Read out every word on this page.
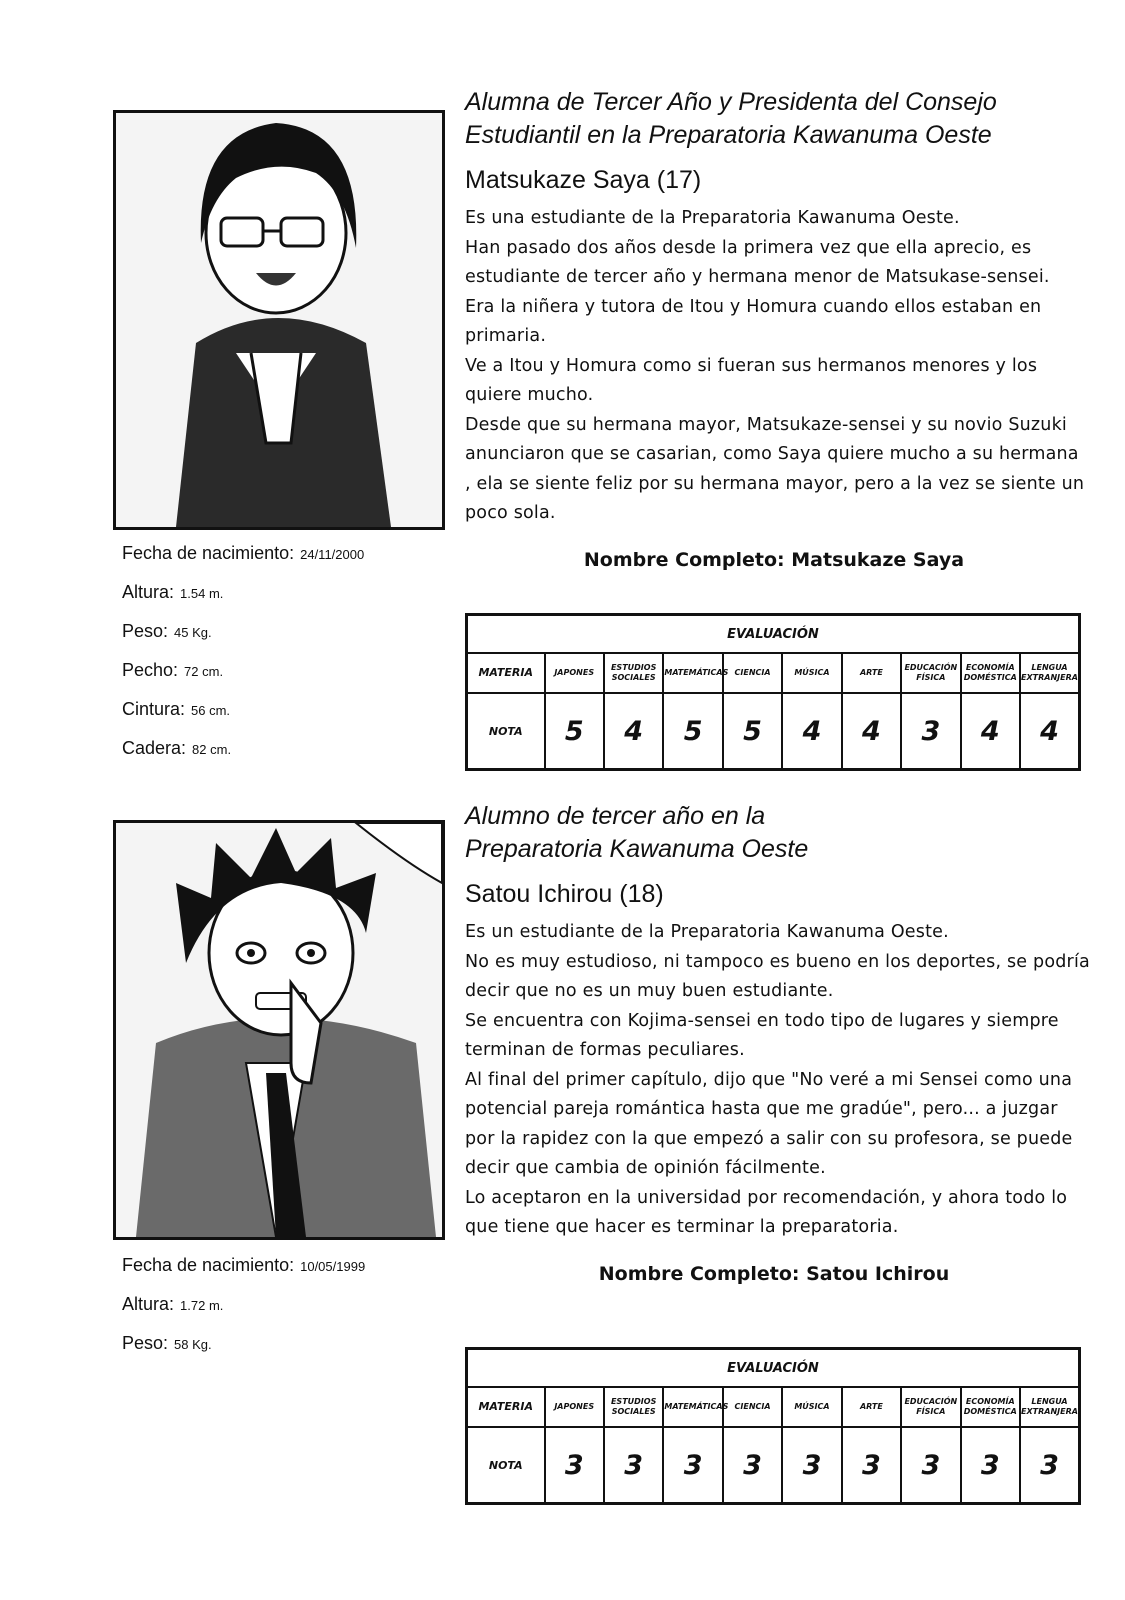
Alumna de Tercer Año y Presidenta del Consejo
Estudiantil en la Preparatoria Kawanuma Oeste

Matsukaze Saya (17)

Es una estudiante de la Preparatoria Kawanuma Oeste.

Han pasado dos años desde la primera vez que ella aprecio, es estudiante de tercer año y hermana menor de Matsukase-sensei.

Era la niñera y tutora de Itou y Homura cuando ellos estaban en primaria.

Ve a Itou y Homura como si fueran sus hermanos menores y los quiere mucho.

Desde que su hermana mayor, Matsukaze-sensei y su novio Suzuki anunciaron que se casarian, como Saya quiere mucho a su hermana , ela se siente feliz por su hermana mayor, pero a la vez se siente un poco sola.

Nombre Completo: Matsukaze Saya
Fecha de nacimiento: 24/11/2000
Altura: 1.54 m.
Peso: 45 Kg.
Pecho: 72 cm.
Cintura: 56 cm.
Cadera: 82 cm.
EVALUACIÓN									
MATERIA	JAPONES	ESTUDIOS SOCIALES	MATEMÁTICAS	CIENCIA	MÚSICA	ARTE	EDUCACIÓN FÍSICA	ECONOMÍA DOMÉSTICA	LENGUA EXTRANJERA
NOTA	5	4	5	5	4	4	3	4	4

Alumno de tercer año en la
Preparatoria Kawanuma Oeste

Satou Ichirou (18)

Es un estudiante de la Preparatoria Kawanuma Oeste.

No es muy estudioso, ni tampoco es bueno en los deportes, se podría decir que no es un muy buen estudiante.

Se encuentra con Kojima-sensei en todo tipo de lugares y siempre terminan de formas peculiares.

Al final del primer capítulo, dijo que "No veré a mi Sensei como una potencial pareja romántica hasta que me gradúe", pero... a juzgar por la rapidez con la que empezó a salir con su profesora, se puede decir que cambia de opinión fácilmente.

Lo aceptaron en la universidad por recomendación, y ahora todo lo que tiene que hacer es terminar la preparatoria.

Nombre Completo: Satou Ichirou
Fecha de nacimiento: 10/05/1999
Altura: 1.72 m.
Peso: 58 Kg.
EVALUACIÓN									
MATERIA	JAPONES	ESTUDIOS SOCIALES	MATEMÁTICAS	CIENCIA	MÚSICA	ARTE	EDUCACIÓN FÍSICA	ECONOMÍA DOMÉSTICA	LENGUA EXTRANJERA
NOTA	3	3	3	3	3	3	3	3	3
